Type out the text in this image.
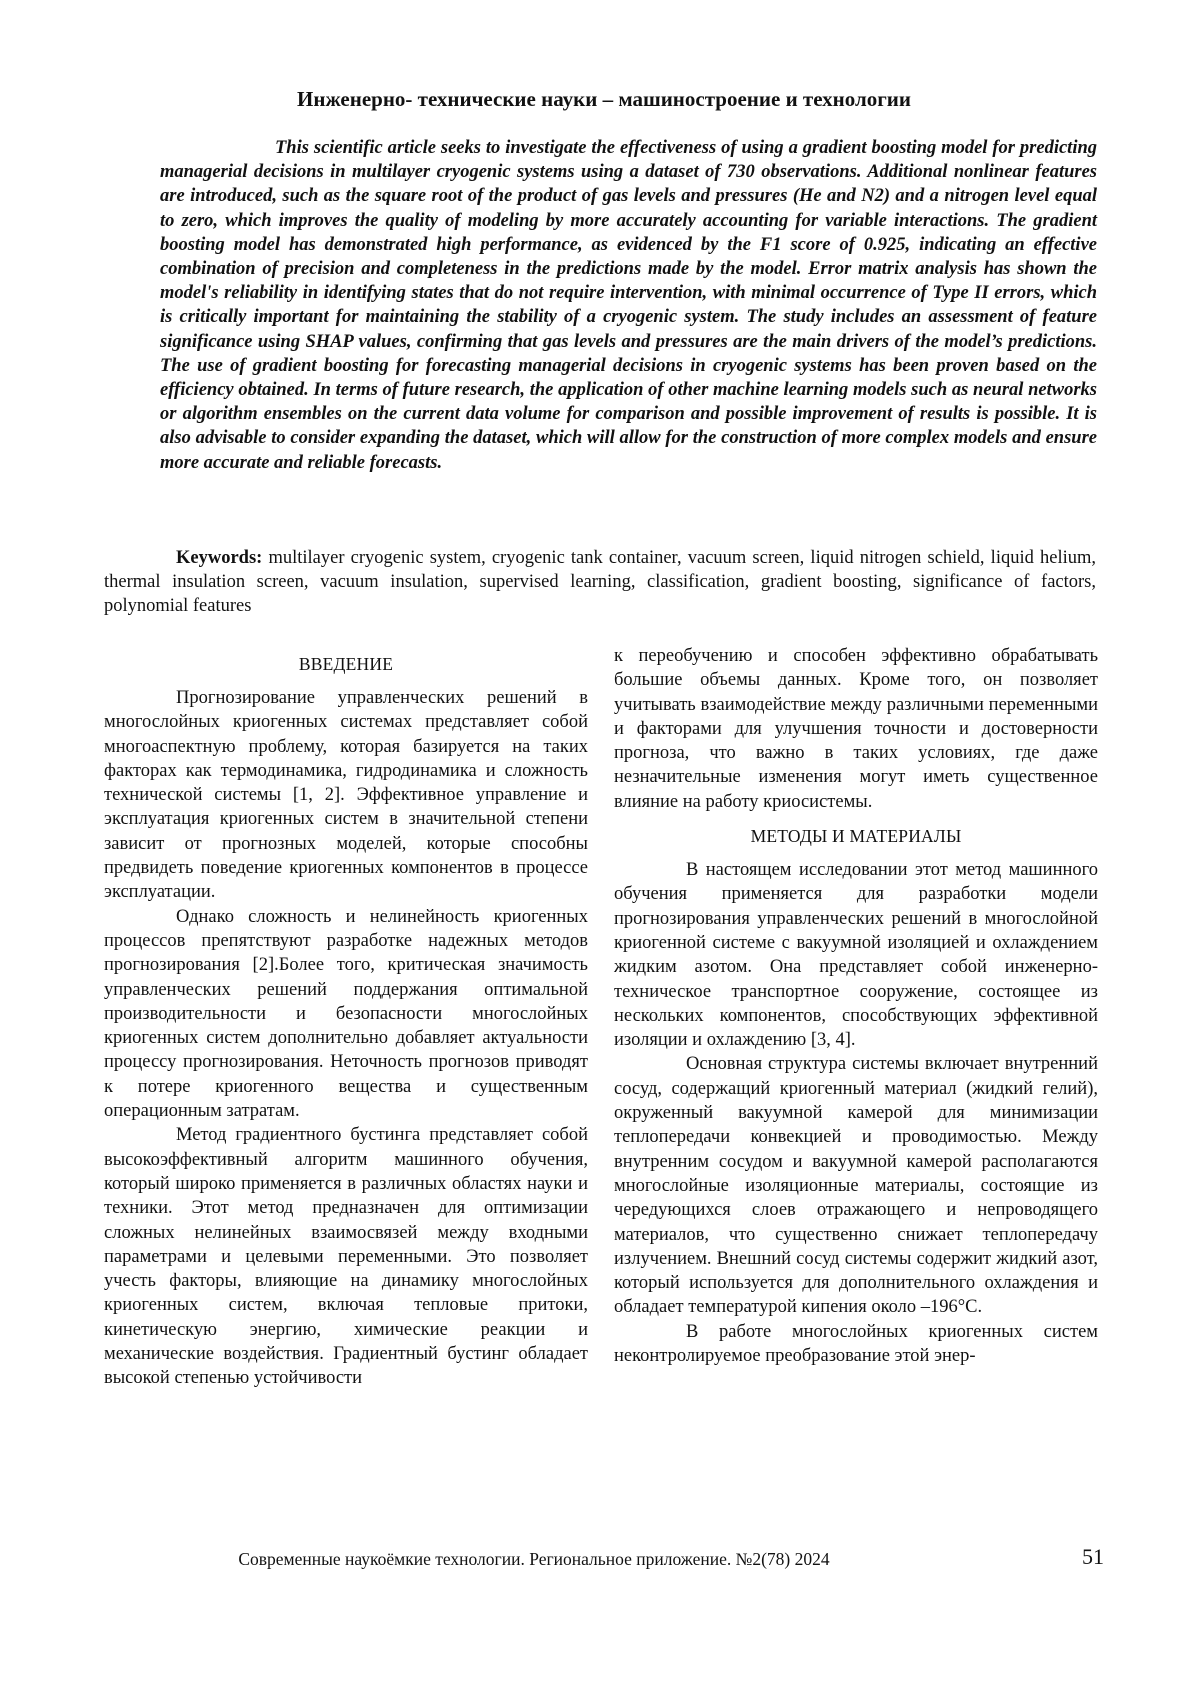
Инженерно- технические науки – машиностроение и технологии

This scientific article seeks to investigate the effectiveness of using a gradient boosting model for predicting managerial decisions in multilayer cryogenic systems using a dataset of 730 observations. Additional nonlinear features are introduced, such as the square root of the product of gas levels and pressures (He and N2) and a nitrogen level equal to zero, which improves the quality of modeling by more accurately accounting for variable interactions. The gradient boosting model has demonstrated high performance, as evidenced by the F1 score of 0.925, indicating an effective combination of precision and completeness in the predictions made by the model. Error matrix analysis has shown the model's reliability in identifying states that do not require intervention, with minimal occurrence of Type II errors, which is critically important for maintaining the stability of a cryogenic system. The study includes an assessment of feature significance using SHAP values, confirming that gas levels and pressures are the main drivers of the model’s predictions. The use of gradient boosting for forecasting managerial decisions in cryogenic systems has been proven based on the efficiency obtained. In terms of future research, the application of other machine learning models such as neural networks or algorithm ensembles on the current data volume for comparison and possible improvement of results is possible. It is also advisable to consider expanding the dataset, which will allow for the construction of more complex models and ensure more accurate and reliable forecasts.

Keywords: multilayer cryogenic system, cryogenic tank container, vacuum screen, liquid nitrogen schield, liquid helium, thermal insulation screen, vacuum insulation, supervised learning, classification, gradient boosting, significance of factors, polynomial features

ВВЕДЕНИЕ

Прогнозирование управленческих решений в многослойных криогенных системах представляет собой многоаспектную проблему, которая базируется на таких факторах как термодинамика, гидродинамика и сложность технической системы [1, 2]. Эффективное управление и эксплуатация криогенных систем в значительной степени зависит от прогнозных моделей, которые способны предвидеть поведение криогенных компонентов в процессе эксплуатации.

Однако сложность и нелинейность криогенных процессов препятствуют разработке надежных методов прогнозирования [2].Более того, критическая значимость управленческих решений поддержания оптимальной производительности и безопасности многослойных криогенных систем дополнительно добавляет актуальности процессу прогнозирования. Неточность прогнозов приводят к потере криогенного вещества и существенным операционным затратам.

Метод градиентного бустинга представляет собой высокоэффективный алгоритм машинного обучения, который широко применяется в различных областях науки и техники. Этот метод предназначен для оптимизации сложных нелинейных взаимосвязей между входными параметрами и целевыми переменными. Это позволяет учесть факторы, влияющие на динамику многослойных криогенных систем, включая тепловые притоки, кинетическую энергию, химические реакции и механические воздействия. Градиентный бустинг обладает высокой степенью устойчивости

к переобучению и способен эффективно обрабатывать большие объемы данных. Кроме того, он позволяет учитывать взаимодействие между различными переменными и факторами для улучшения точности и достоверности прогноза, что важно в таких условиях, где даже незначительные изменения могут иметь существенное влияние на работу криосистемы.

МЕТОДЫ И МАТЕРИАЛЫ

В настоящем исследовании этот метод машинного обучения применяется для разработки модели прогнозирования управленческих решений в многослойной криогенной системе с вакуумной изоляцией и охлаждением жидким азотом. Она представляет собой инженерно-техническое транспортное сооружение, состоящее из нескольких компонентов, способствующих эффективной изоляции и охлаждению [3, 4].

Основная структура системы включает внутренний сосуд, содержащий криогенный материал (жидкий гелий), окруженный вакуумной камерой для минимизации теплопередачи конвекцией и проводимостью. Между внутренним сосудом и вакуумной камерой располагаются многослойные изоляционные материалы, состоящие из чередующихся слоев отражающего и непроводящего материалов, что существенно снижает теплопередачу излучением. Внешний сосуд системы содержит жидкий азот, который используется для дополнительного охлаждения и обладает температурой кипения около –196°С.

В работе многослойных криогенных систем неконтролируемое преобразование этой энер-

Современные наукоёмкие технологии. Региональное приложение. №2(78) 2024	51
